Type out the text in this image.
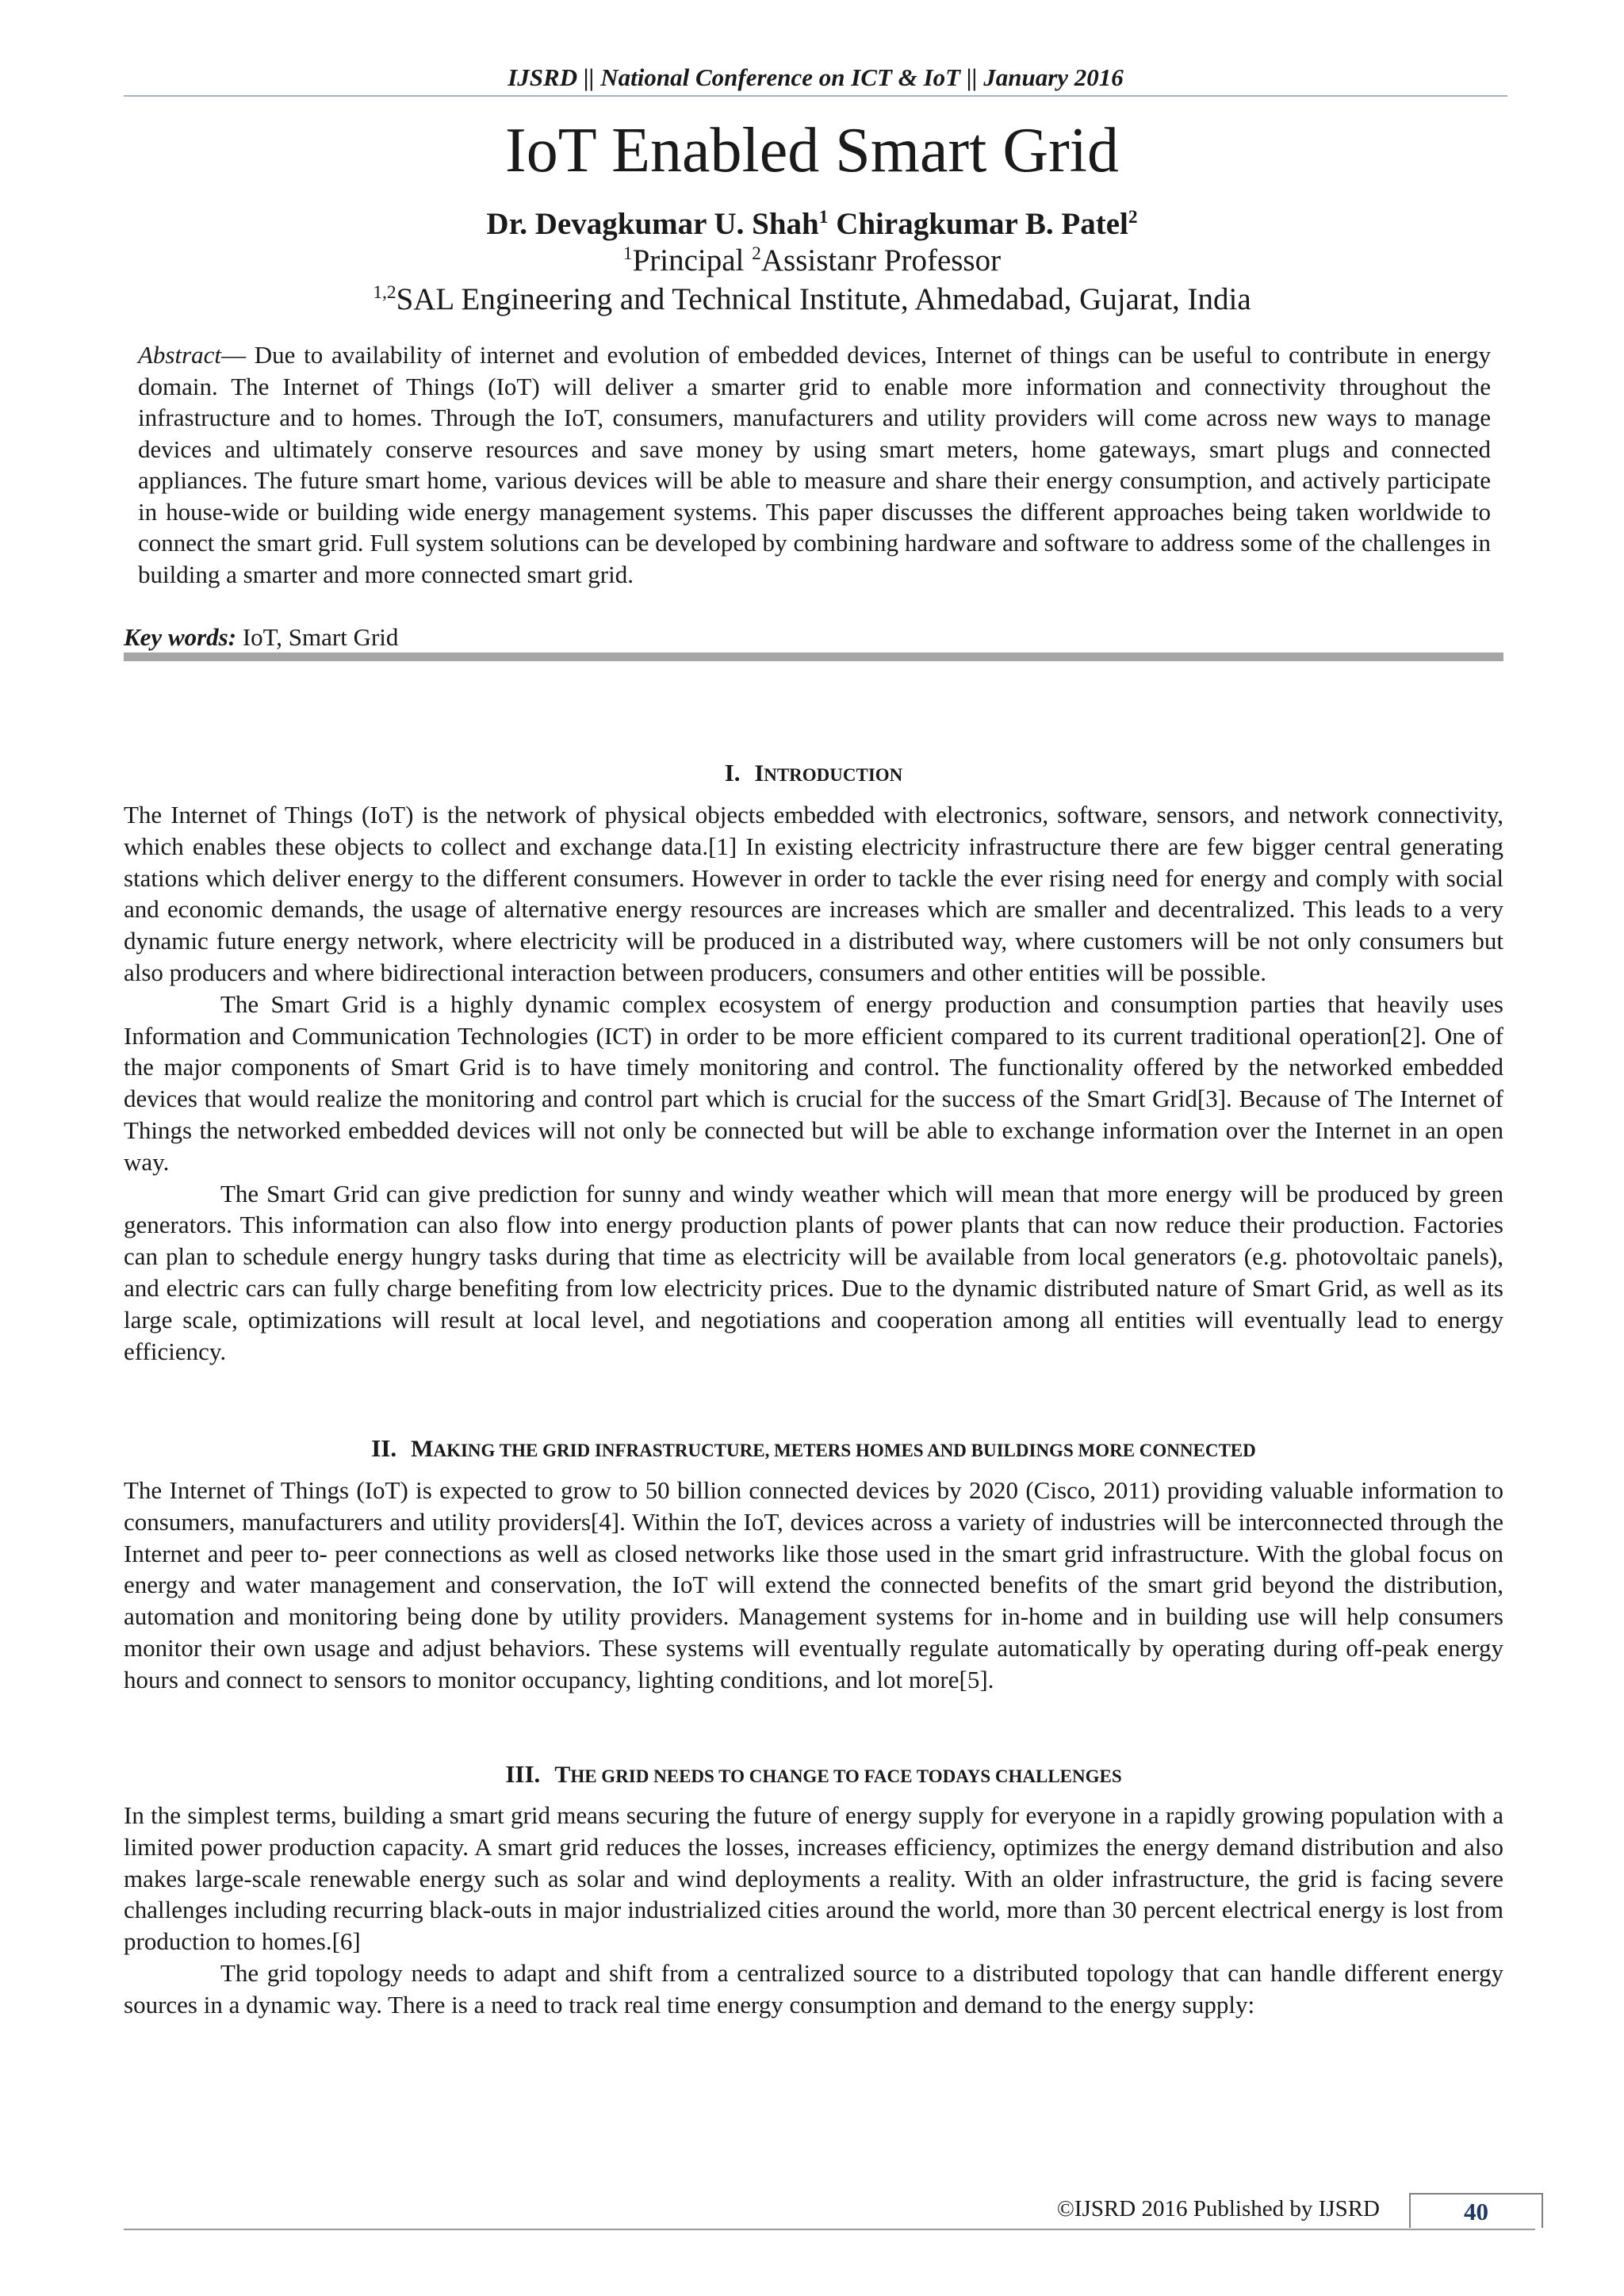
IJSRD || National Conference on ICT & IoT || January 2016
IoT Enabled Smart Grid
Dr. Devagkumar U. Shah$^1$ Chiragkumar B. Patel$^2$
$^1$Principal $^2$Assistanr Professor
$^{1,2}$SAL Engineering and Technical Institute, Ahmedabad, Gujarat, India

Abstract— Due to availability of internet and evolution of embedded devices, Internet of things can be useful to contribute in energy domain. The Internet of Things (IoT) will deliver a smarter grid to enable more information and connectivity throughout the infrastructure and to homes. Through the IoT, consumers, manufacturers and utility providers will come across new ways to manage devices and ultimately conserve resources and save money by using smart meters, home gateways, smart plugs and connected appliances. The future smart home, various devices will be able to measure and share their energy consumption, and actively participate in house-wide or building wide energy management systems. This paper discusses the different approaches being taken worldwide to connect the smart grid. Full system solutions can be developed by combining hardware and software to address some of the challenges in building a smarter and more connected smart grid.

Key words: IoT, Smart Grid

I. INTRODUCTION

The Internet of Things (IoT) is the network of physical objects embedded with electronics, software, sensors, and network connectivity, which enables these objects to collect and exchange data.[1] In existing electricity infrastructure there are few bigger central generating stations which deliver energy to the different consumers. However in order to tackle the ever rising need for energy and comply with social and economic demands, the usage of alternative energy resources are increases which are smaller and decentralized. This leads to a very dynamic future energy network, where electricity will be produced in a distributed way, where customers will be not only consumers but also producers and where bidirectional interaction between producers, consumers and other entities will be possible.

The Smart Grid is a highly dynamic complex ecosystem of energy production and consumption parties that heavily uses Information and Communication Technologies (ICT) in order to be more efficient compared to its current traditional operation[2]. One of the major components of Smart Grid is to have timely monitoring and control. The functionality offered by the networked embedded devices that would realize the monitoring and control part which is crucial for the success of the Smart Grid[3]. Because of The Internet of Things the networked embedded devices will not only be connected but will be able to exchange information over the Internet in an open way.

The Smart Grid can give prediction for sunny and windy weather which will mean that more energy will be produced by green generators. This information can also flow into energy production plants of power plants that can now reduce their production. Factories can plan to schedule energy hungry tasks during that time as electricity will be available from local generators (e.g. photovoltaic panels), and electric cars can fully charge benefiting from low electricity prices. Due to the dynamic distributed nature of Smart Grid, as well as its large scale, optimizations will result at local level, and negotiations and cooperation among all entities will eventually lead to energy efficiency.

II. MAKING THE GRID INFRASTRUCTURE, METERS HOMES AND BUILDINGS MORE CONNECTED

The Internet of Things (IoT) is expected to grow to 50 billion connected devices by 2020 (Cisco, 2011) providing valuable information to consumers, manufacturers and utility providers[4]. Within the IoT, devices across a variety of industries will be interconnected through the Internet and peer to- peer connections as well as closed networks like those used in the smart grid infrastructure. With the global focus on energy and water management and conservation, the IoT will extend the connected benefits of the smart grid beyond the distribution, automation and monitoring being done by utility providers. Management systems for in-home and in building use will help consumers monitor their own usage and adjust behaviors. These systems will eventually regulate automatically by operating during off-peak energy hours and connect to sensors to monitor occupancy, lighting conditions, and lot more[5].

III. THE GRID NEEDS TO CHANGE TO FACE TODAYS CHALLENGES

In the simplest terms, building a smart grid means securing the future of energy supply for everyone in a rapidly growing population with a limited power production capacity. A smart grid reduces the losses, increases efficiency, optimizes the energy demand distribution and also makes large-scale renewable energy such as solar and wind deployments a reality. With an older infrastructure, the grid is facing severe challenges including recurring black-outs in major industrialized cities around the world, more than 30 percent electrical energy is lost from production to homes.[6]

The grid topology needs to adapt and shift from a centralized source to a distributed topology that can handle different energy sources in a dynamic way. There is a need to track real time energy consumption and demand to the energy supply:

©IJSRD 2016 Published by IJSRD	40
